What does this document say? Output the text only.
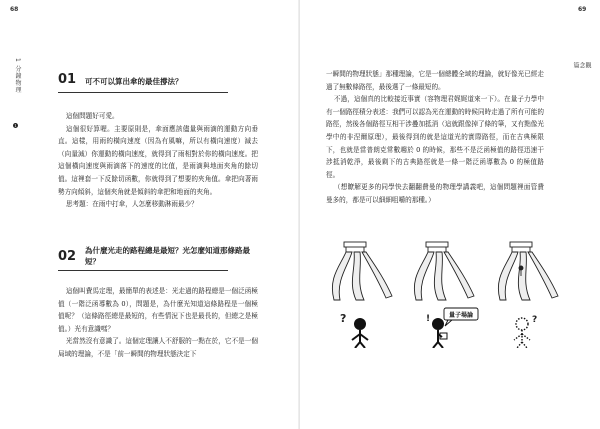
68
1 分鐘物理
1
01 可不可以算出傘的最佳撐法？

這個問題好可愛。

這個很好算喔。主要原則是，傘面應該儘量與雨滴的運動方向垂直。這樣，用雨的橫向速度（因為有風嘛，所以有橫向速度）減去（向量減）你運動的橫向速度，就得到了雨相對於你的橫向速度。把這個橫向速度與雨滴落下的速度的比值，是雨滴與地面夾角的餘切值。這裡套一下反餘切函數，你就得到了想要的夾角值。傘把向著雨勢方向傾斜，這個夾角就是傾斜的傘把和地面的夾角。

思考題：在雨中打傘，人怎麼移動淋雨最少？

02 為什麼光走的路程總是最短？光怎麼知道那條路最
短？

這個叫費馬定理，最簡單的表述是：光走過的路程總是一個泛函極值（一階泛函導數為 0），問題是，為什麼光知道這條路程是一個極值呢？（這條路徑總是最短的，有些情況下也是最長的，但總之是極值。）光有意識嗎？

光當然沒有意識了。這個定理讓人不舒服的一點在於，它不是一個局域的理論，不是「前一瞬間的物理狀態決定下

69
觀
念
篇

一瞬間的物理狀態」那種理論，它是一個總體全域的理論，就好像光已經走過了無數條路徑，最後選了一條最短的。

不過，這個真的比較接近事實（容物理君娓娓道來一下）。在量子力學中有一個路徑積分表述：我們可以認為光在運動的時候同時走過了所有可能的路徑，然後各個路徑互相干涉疊加抵消（這就跟像掉了條的筆，又有點像光學中的非涅爾原理），最後得到的就是這道光的實際路徑，而在古典極限下，也就是當普朗克常數趨於 0 的時候，那些不是泛函極值的路徑迅速干涉抵消乾淨，最後剩下的古典路徑就是一條一階泛函導數為 0 的極值路徑。

（想瞭解更多的同學快去翻翻費曼的物理學講義吧，這個問題裡面管費曼多的，都是可以細細咀嚼的那種。）

?	!	量子場論	?
